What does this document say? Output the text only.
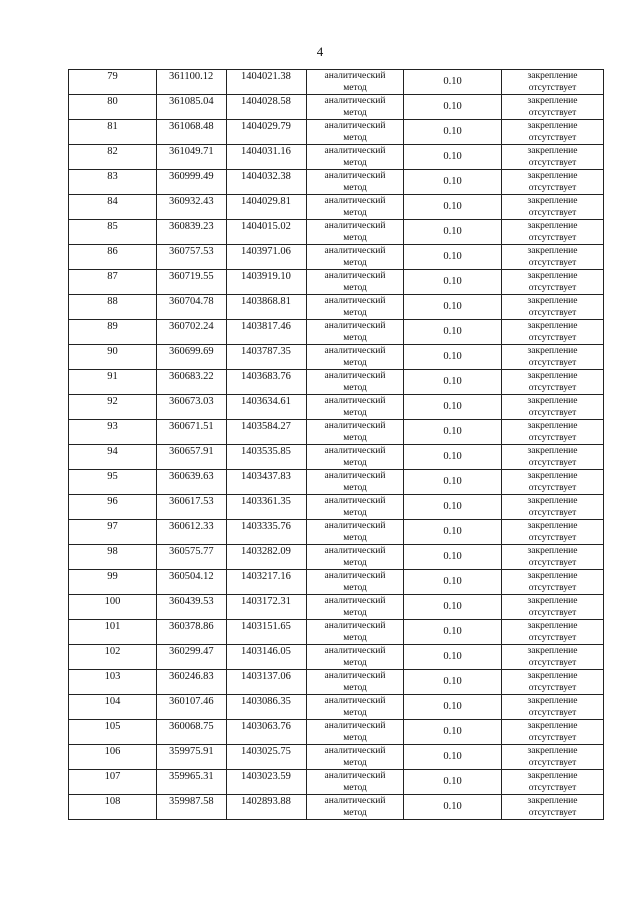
4
79	361100.12	1404021.38	аналитический
метод	0.10	закрепление
отсутствует

80	361085.04	1404028.58	аналитический
метод	0.10	закрепление
отсутствует

81	361068.48	1404029.79	аналитический
метод	0.10	закрепление
отсутствует

82	361049.71	1404031.16	аналитический
метод	0.10	закрепление
отсутствует

83	360999.49	1404032.38	аналитический
метод	0.10	закрепление
отсутствует

84	360932.43	1404029.81	аналитический
метод	0.10	закрепление
отсутствует

85	360839.23	1404015.02	аналитический
метод	0.10	закрепление
отсутствует

86	360757.53	1403971.06	аналитический
метод	0.10	закрепление
отсутствует

87	360719.55	1403919.10	аналитический
метод	0.10	закрепление
отсутствует

88	360704.78	1403868.81	аналитический
метод	0.10	закрепление
отсутствует

89	360702.24	1403817.46	аналитический
метод	0.10	закрепление
отсутствует

90	360699.69	1403787.35	аналитический
метод	0.10	закрепление
отсутствует

91	360683.22	1403683.76	аналитический
метод	0.10	закрепление
отсутствует

92	360673.03	1403634.61	аналитический
метод	0.10	закрепление
отсутствует

93	360671.51	1403584.27	аналитический
метод	0.10	закрепление
отсутствует

94	360657.91	1403535.85	аналитический
метод	0.10	закрепление
отсутствует

95	360639.63	1403437.83	аналитический
метод	0.10	закрепление
отсутствует

96	360617.53	1403361.35	аналитический
метод	0.10	закрепление
отсутствует

97	360612.33	1403335.76	аналитический
метод	0.10	закрепление
отсутствует

98	360575.77	1403282.09	аналитический
метод	0.10	закрепление
отсутствует

99	360504.12	1403217.16	аналитический
метод	0.10	закрепление
отсутствует

100	360439.53	1403172.31	аналитический
метод	0.10	закрепление
отсутствует

101	360378.86	1403151.65	аналитический
метод	0.10	закрепление
отсутствует

102	360299.47	1403146.05	аналитический
метод	0.10	закрепление
отсутствует

103	360246.83	1403137.06	аналитический
метод	0.10	закрепление
отсутствует

104	360107.46	1403086.35	аналитический
метод	0.10	закрепление
отсутствует

105	360068.75	1403063.76	аналитический
метод	0.10	закрепление
отсутствует

106	359975.91	1403025.75	аналитический
метод	0.10	закрепление
отсутствует

107	359965.31	1403023.59	аналитический
метод	0.10	закрепление
отсутствует

108	359987.58	1402893.88	аналитический
метод	0.10	закрепление
отсутствует
